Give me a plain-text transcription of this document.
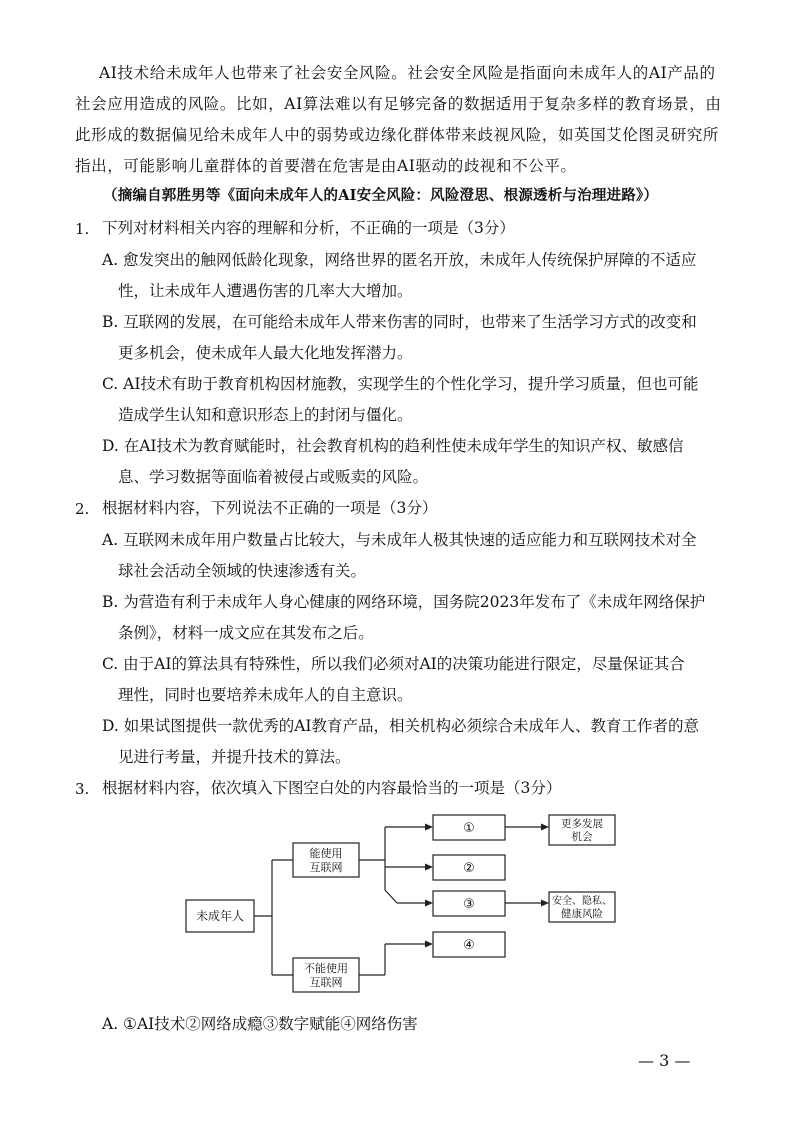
AI技术给未成年人也带来了社会安全风险。社会安全风险是指面向未成年人的AI产品的
社会应用造成的风险。比如，AI算法难以有足够完备的数据适用于复杂多样的教育场景，由
此形成的数据偏见给未成年人中的弱势或边缘化群体带来歧视风险，如英国艾伦图灵研究所
指出，可能影响儿童群体的首要潜在危害是由AI驱动的歧视和不公平。
（摘编自郭胜男等《面向未成年人的AI安全风险：风险澄思、根源透析与治理进路》）
1. 下列对材料相关内容的理解和分析，不正确的一项是（3分）
A. 愈发突出的触网低龄化现象，网络世界的匿名开放，未成年人传统保护屏障的不适应
性，让未成年人遭遇伤害的几率大大增加。
B. 互联网的发展，在可能给未成年人带来伤害的同时，也带来了生活学习方式的改变和
更多机会，使未成年人最大化地发挥潜力。
C. AI技术有助于教育机构因材施教，实现学生的个性化学习，提升学习质量，但也可能
造成学生认知和意识形态上的封闭与僵化。
D. 在AI技术为教育赋能时，社会教育机构的趋利性使未成年学生的知识产权、敏感信
息、学习数据等面临着被侵占或贩卖的风险。
2. 根据材料内容，下列说法不正确的一项是（3分）
A. 互联网未成年用户数量占比较大，与未成年人极其快速的适应能力和互联网技术对全
球社会活动全领域的快速渗透有关。
B. 为营造有利于未成年人身心健康的网络环境，国务院2023年发布了《未成年网络保护
条例》，材料一成文应在其发布之后。
C. 由于AI的算法具有特殊性，所以我们必须对AI的决策功能进行限定，尽量保证其合
理性，同时也要培养未成年人的自主意识。
D. 如果试图提供一款优秀的AI教育产品，相关机构必须综合未成年人、教育工作者的意
见进行考量，并提升技术的算法。
3. 根据材料内容，依次填入下图空白处的内容最恰当的一项是（3分）
未成年人
能使用
互联网
不能使用
互联网
①
②
③
④
更多发展
机会
安全、隐私、
健康风险
A. ①AI技术②网络成瘾③数字赋能④网络伤害
— 3 —
